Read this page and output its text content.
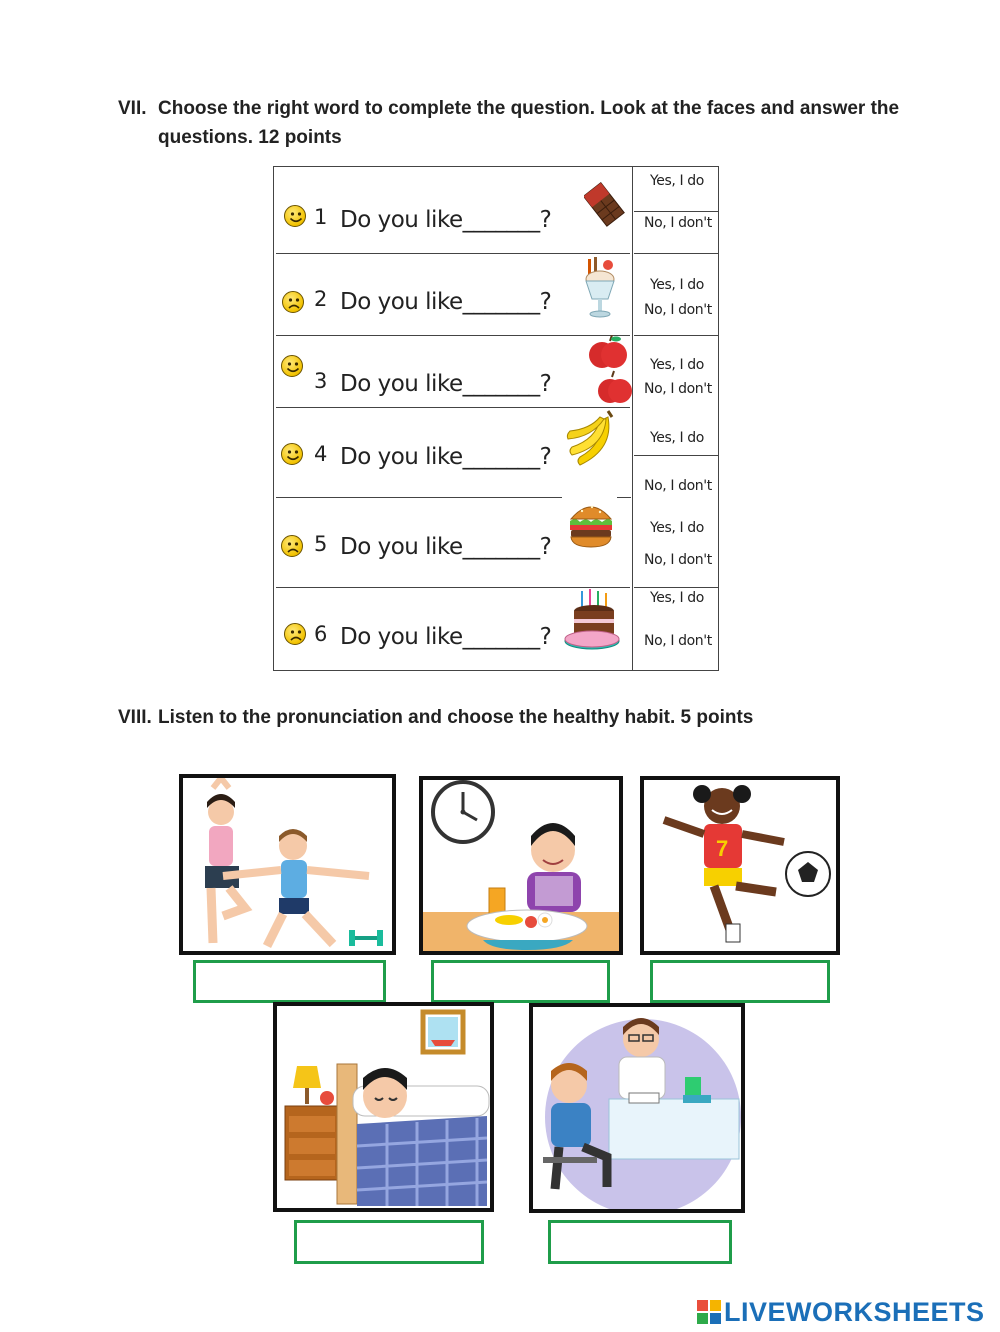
VII. Choose the right word to complete the question. Look at the faces and answer the
questions. 12 points
1 Do you like_______?
Yes, I do
No, I don't
2 Do you like_______?
Yes, I do
No, I don't
3 Do you like_______?
Yes, I do
No, I don't
4 Do you like_______?
Yes, I do
No, I don't
5 Do you like_______?
Yes, I do
No, I don't
6 Do you like_______?
Yes, I do
No, I don't
VIII. Listen to the pronunciation and choose the healthy habit. 5 points
7
LIVEWORKSHEETS
